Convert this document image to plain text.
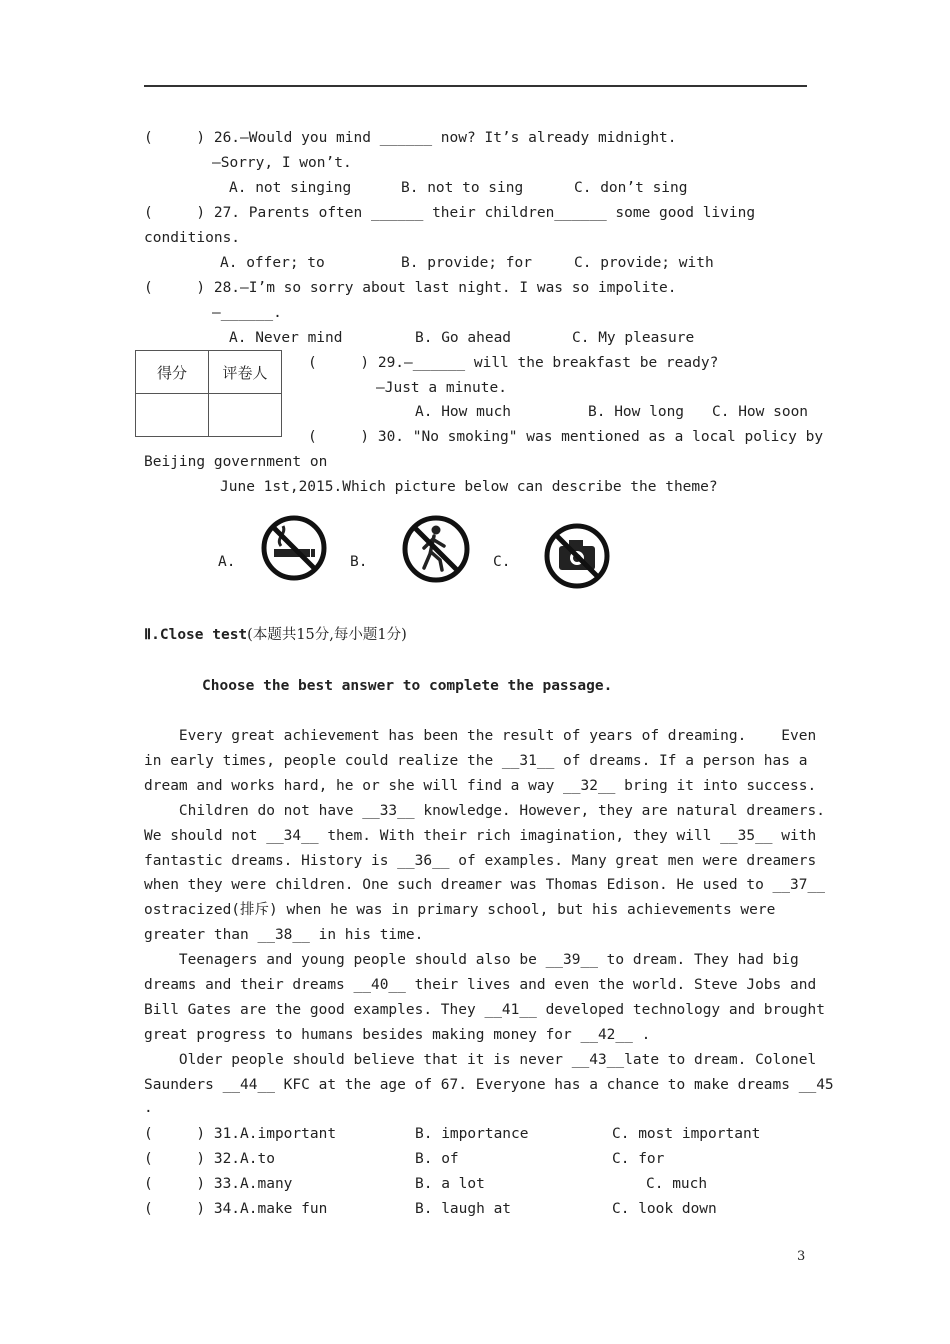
(     ) 26.—Would you mind ______ now? It’s already midnight.
—Sorry, I won’t.
A. not singing	B. not to sing	C. don’t sing
(     ) 27. Parents often ______ their children______ some good living
conditions.
A. offer; to	B. provide; for	C. provide; with
(     ) 28.—I’m so sorry about last night. I was so impolite.
—______.
A. Never mind	B. Go ahead	C. My pleasure
得分	评卷人

(     ) 29.—______ will the breakfast be ready?
—Just a minute.
A. How much	B. How long C. How soon
(     ) 30. "No smoking" was mentioned as a local policy by
Beijing government on
June 1st,2015.Which picture below can describe the theme?
A.	B.	C.
Ⅱ.Close test(本题共15分,每小题1分)
Choose the best answer to complete the passage.
Every great achievement has been the result of years of dreaming.    Even
in early times, people could realize the __31__ of dreams. If a person has a
dream and works hard, he or she will find a way __32__ bring it into success.
Children do not have __33__ knowledge. However, they are natural dreamers.
We should not __34__ them. With their rich imagination, they will __35__ with
fantastic dreams. History is __36__ of examples. Many great men were dreamers
when they were children. One such dreamer was Thomas Edison. He used to __37__
ostracized(排斥) when he was in primary school, but his achievements were
greater than __38__ in his time.
Teenagers and young people should also be __39__ to dream. They had big
dreams and their dreams __40__ their lives and even the world. Steve Jobs and
Bill Gates are the good examples. They __41__ developed technology and brought
great progress to humans besides making money for __42__ .
Older people should believe that it is never __43__late to dream. Colonel
Saunders __44__ KFC at the age of 67. Everyone has a chance to make dreams __45
.
(     ) 31.A.important	B. importance	C. most important
(     ) 32.A.to	B. of	C. for
(     ) 33.A.many	B. a lot	C. much
(     ) 34.A.make fun	B. laugh at	C. look down
3
